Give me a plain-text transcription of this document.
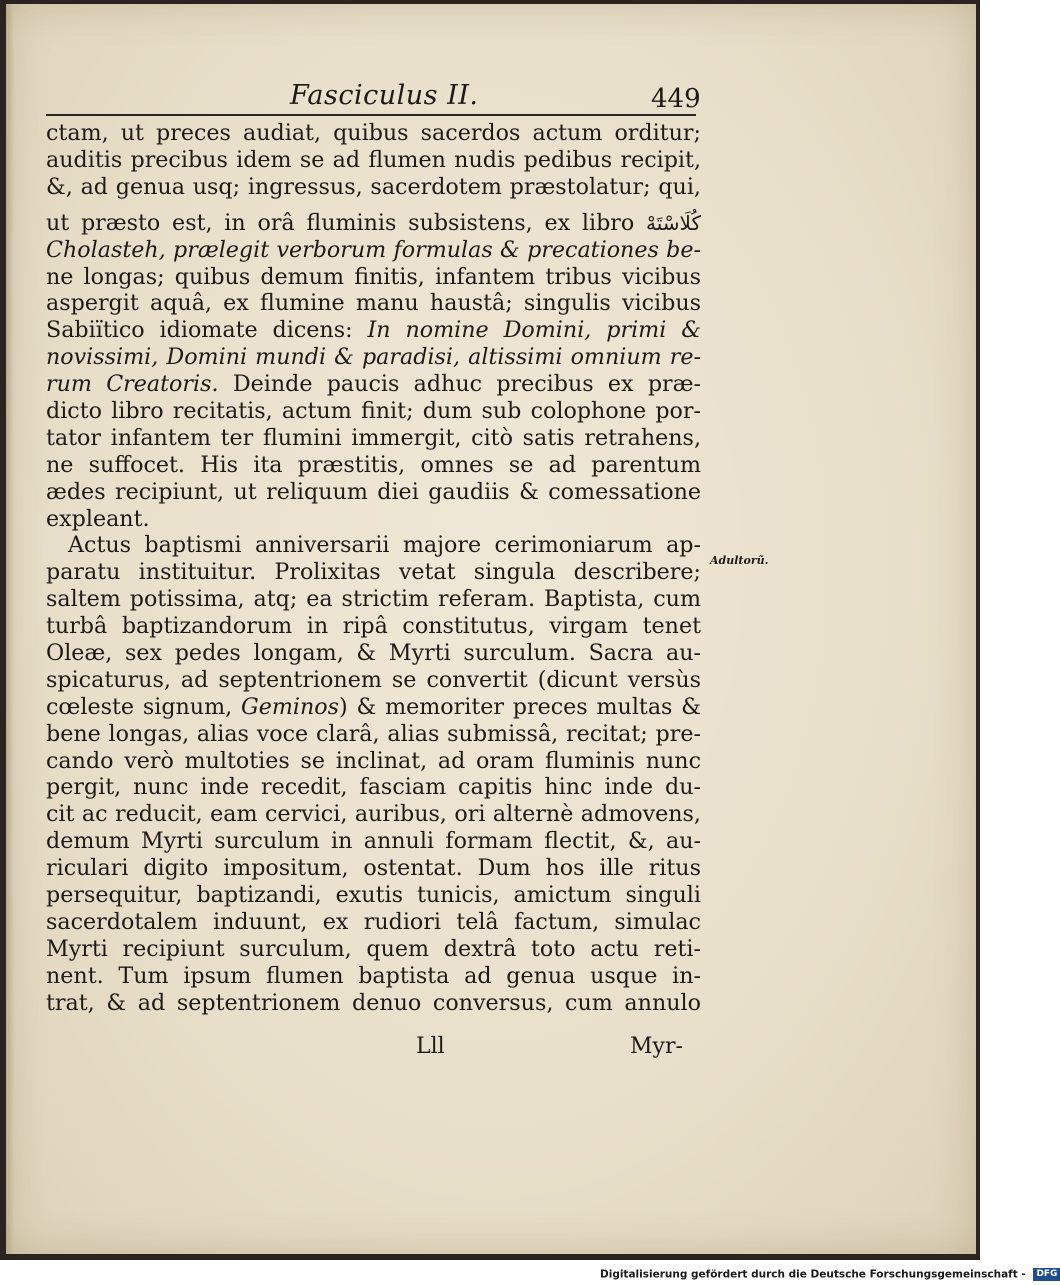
Fasciculus II.	449
ctam, ut preces audiat, quibus sacerdos actum orditur;
auditis precibus idem se ad flumen nudis pedibus recipit,
&, ad genua usq; ingressus, sacerdotem præstolatur; qui,
ut præsto est, in orâ fluminis subsistens, ex libro كُلَاسْتَهْ
Cholasteh, prælegit verborum formulas & precationes be-
ne longas; quibus demum finitis, infantem tribus vicibus
aspergit aquâ, ex flumine manu haustâ; singulis vicibus
Sabiïtico idiomate dicens: In nomine Domini, primi &
novissimi, Domini mundi & paradisi, altissimi omnium re-
rum Creatoris. Deinde paucis adhuc precibus ex præ-
dicto libro recitatis, actum finit; dum sub colophone por-
tator infantem ter flumini immergit, citò satis retrahens,
ne suffocet. His ita præstitis, omnes se ad parentum
ædes recipiunt, ut reliquum diei gaudiis & comessatione
expleant.
Actus baptismi anniversarii majore cerimoniarum ap-
paratu instituitur. Prolixitas vetat singula describere;
saltem potissima, atq; ea strictim referam. Baptista, cum
turbâ baptizandorum in ripâ constitutus, virgam tenet
Oleæ, sex pedes longam, & Myrti surculum. Sacra au-
spicaturus, ad septentrionem se convertit (dicunt versùs
cœleste signum, Geminos) & memoriter preces multas &
bene longas, alias voce clarâ, alias submissâ, recitat; pre-
cando verò multoties se inclinat, ad oram fluminis nunc
pergit, nunc inde recedit, fasciam capitis hinc inde du-
cit ac reducit, eam cervici, auribus, ori alternè admovens,
demum Myrti surculum in annuli formam flectit, &, au-
riculari digito impositum, ostentat. Dum hos ille ritus
persequitur, baptizandi, exutis tunicis, amictum singuli
sacerdotalem induunt, ex rudiori telâ factum, simulac
Myrti recipiunt surculum, quem dextrâ toto actu reti-
nent. Tum ipsum flumen baptista ad genua usque in-
trat, & ad septentrionem denuo conversus, cum annulo
Adultorũ.
Lll	Myr-
Digitalisierung gefördert durch die Deutsche Forschungsgemeinschaft - DFG
